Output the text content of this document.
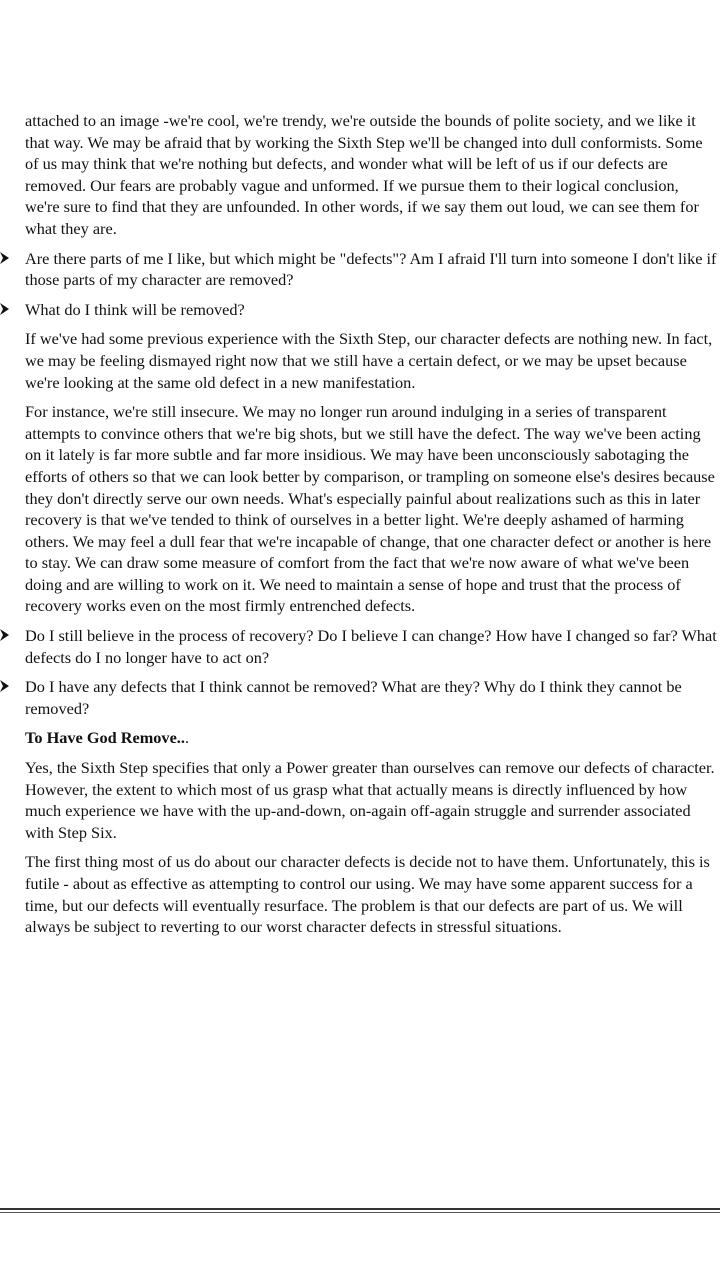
attached to an image -we're cool, we're trendy, we're outside the bounds of polite society, and we like it that way. We may be afraid that by working the Sixth Step we'll be changed into dull conformists. Some of us may think that we're nothing but defects, and wonder what will be left of us if our defects are removed. Our fears are probably vague and unformed. If we pursue them to their logical conclusion, we're sure to find that they are unfounded. In other words, if we say them out loud, we can see them for what they are.

Are there parts of me I like, but which might be "defects"? Am I afraid I'll turn into someone I don't like if those parts of my character are removed?
What do I think will be removed?

If we've had some previous experience with the Sixth Step, our character defects are nothing new. In fact, we may be feeling dismayed right now that we still have a certain defect, or we may be upset because we're looking at the same old defect in a new manifestation.

For instance, we're still insecure. We may no longer run around indulging in a series of transparent attempts to convince others that we're big shots, but we still have the defect. The way we've been acting on it lately is far more subtle and far more insidious. We may have been unconsciously sabotaging the efforts of others so that we can look better by comparison, or trampling on someone else's desires because they don't directly serve our own needs. What's especially painful about realizations such as this in later recovery is that we've tended to think of ourselves in a better light. We're deeply ashamed of harming others. We may feel a dull fear that we're incapable of change, that one character defect or another is here to stay. We can draw some measure of comfort from the fact that we're now aware of what we've been doing and are willing to work on it. We need to maintain a sense of hope and trust that the process of recovery works even on the most firmly entrenched defects.

Do I still believe in the process of recovery? Do I believe I can change? How have I changed so far? What defects do I no longer have to act on?
Do I have any defects that I think cannot be removed? What are they? Why do I think they cannot be removed?

To Have God Remove...

Yes, the Sixth Step specifies that only a Power greater than ourselves can remove our defects of character. However, the extent to which most of us grasp what that actually means is directly influenced by how much experience we have with the up-and-down, on-again off-again struggle and surrender associated with Step Six.

The first thing most of us do about our character defects is decide not to have them. Unfortunately, this is futile - about as effective as attempting to control our using. We may have some apparent success for a time, but our defects will eventually resurface. The problem is that our defects are part of us. We will always be subject to reverting to our worst character defects in stressful situations.
